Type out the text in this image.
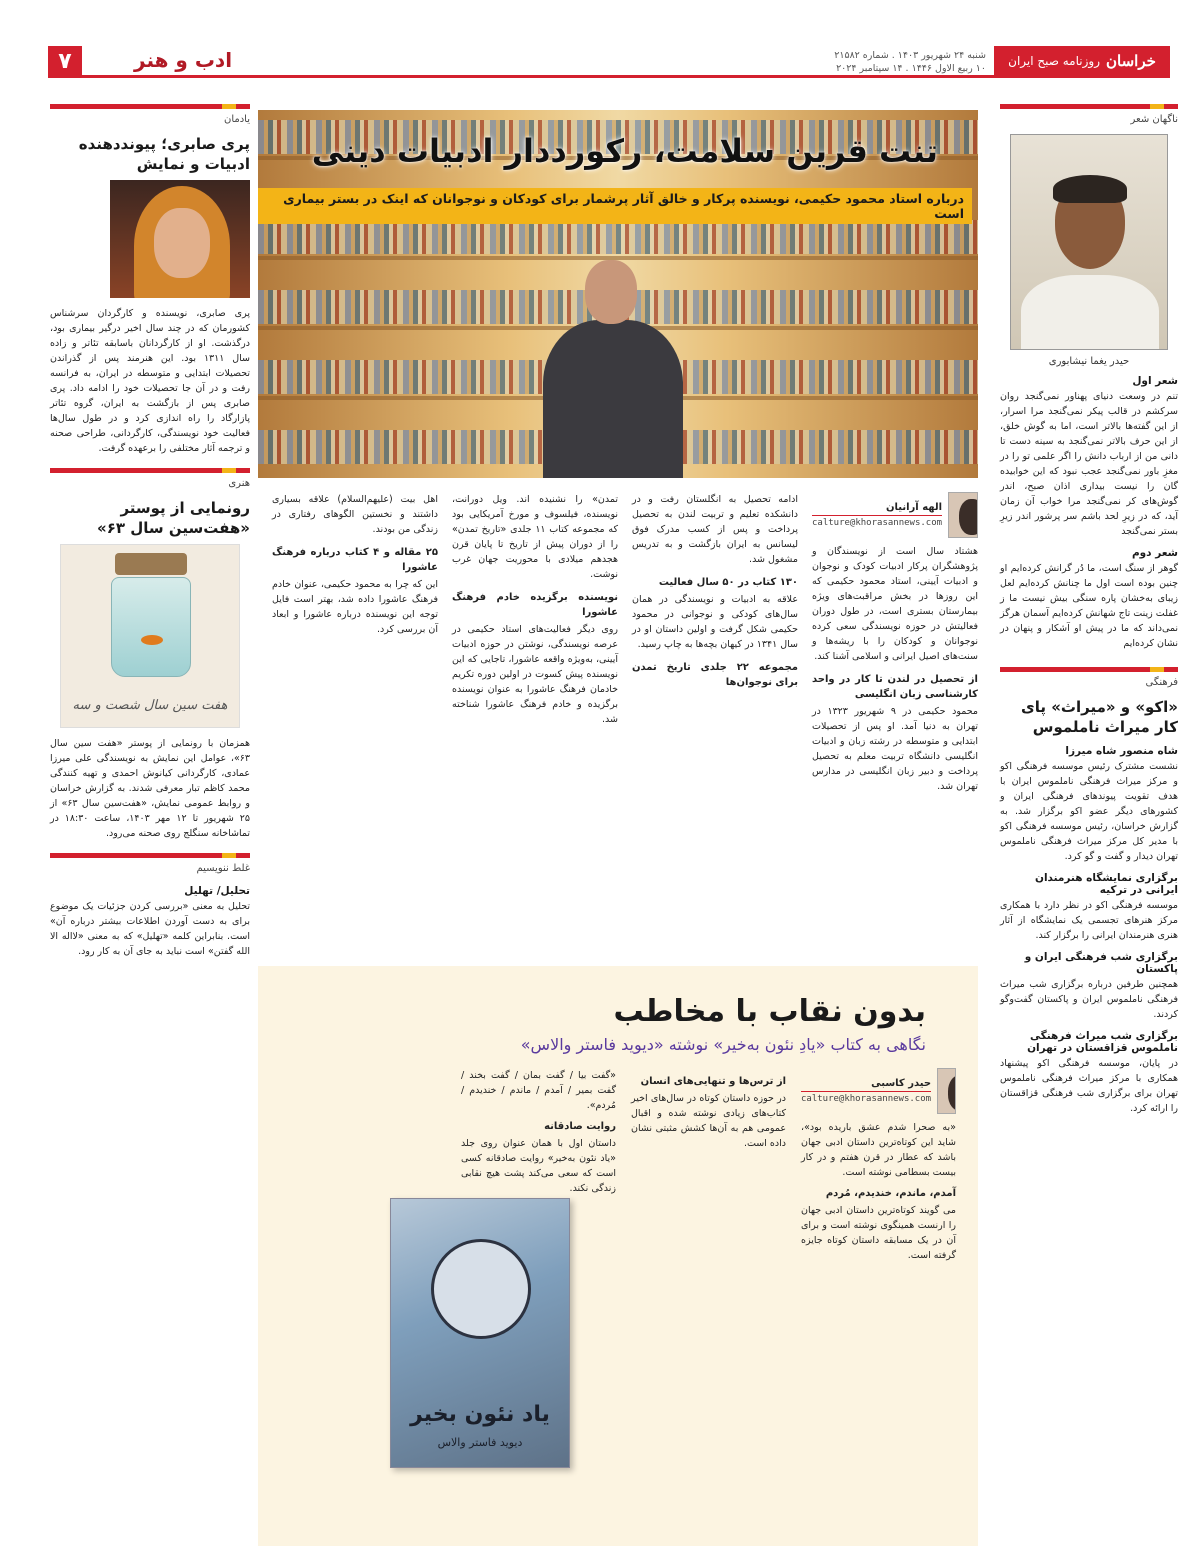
خراسان
روزنامه صبح ایران
شنبه ۲۴ شهریور ۱۴۰۳ . شماره ۲۱۵۸۲
۱۰ ربیع الاول ۱۴۴۶ . ۱۴ سپتامبر ۲۰۲۴
ادب و هنر
۷
ناگهان شعر
حیدر یغما نیشابوری
شعر اول
تنم در وسعت دنیای پهناور نمی‌گنجد روان سرکشم در قالب پیکر نمی‌گنجد مرا اسرار، از این گفته‌ها بالاتر است، اما به گوش خلق، از این حرف بالاتر نمی‌گنجد به سینه دست تا دانی من از ارباب دانش را اگر علمی تو را در مغزِ باور نمی‌گنجد عجب نبود که این خوابیده گان را نیست بیداری اذان صبح، اندر گوش‌های کر نمی‌گنجد مرا خواب آن زمان آید، که در زیرِ لحد باشم سر پرشور اندر زیرِ بستر نمی‌گنجد
شعر دوم
گوهر از سنگ است، ما دُر گرانش کرده‌ایم او چنین بوده است اول ما چنانش کرده‌ایم لعل زیبای به‌خشان پاره سنگی بیش نیست ما ز غفلت زینت تاج شهانش کرده‌ایم آسمان هرگز نمی‌داند که ما در پیش او آشکار و پنهان در نشان کرده‌ایم
فرهنگی
«اکو» و «میراث» پای کار میراث ناملموس
شاه منصور شاه میرزا
نشست مشترک رئیس موسسه فرهنگی اکو و مرکز میراث فرهنگی ناملموس ایران با هدف تقویت پیوندهای فرهنگی ایران و کشورهای دیگر عضو اکو برگزار شد. به گزارش خراسان، رئیس موسسه فرهنگی اکو با مدیر کل مرکز میراث فرهنگی ناملموس تهران دیدار و گفت و گو کرد.
برگزاری نمایشگاه هنرمندان ایرانی در ترکیه
موسسه فرهنگی اکو در نظر دارد با همکاری مرکز هنرهای تجسمی یک نمایشگاه از آثار هنری هنرمندان ایرانی را برگزار کند.
برگزاری شب فرهنگی ایران و پاکستان
همچنین طرفین درباره برگزاری شب میراث فرهنگی ناملموس ایران و پاکستان گفت‌وگو کردند.
برگزاری شب میراث فرهنگی ناملموس قزاقستان در تهران
در پایان، موسسه فرهنگی اکو پیشنهاد همکاری با مرکز میراث فرهنگی ناملموس تهران برای برگزاری شب فرهنگی قزاقستان را ارائه کرد.
یادمان
پری صابری؛ پیونددهنده ادبیات و نمایش
پری صابری، نویسنده و کارگردان سرشناس کشورمان که در چند سال اخیر درگیر بیماری بود، درگذشت. او از کارگردانان باسابقه تئاتر و زاده سال ۱۳۱۱ بود. این هنرمند پس از گذراندن تحصیلات ابتدایی و متوسطه در ایران، به فرانسه رفت و در آن جا تحصیلات خود را ادامه داد. پری صابری پس از بازگشت به ایران، گروه تئاتر پازارگاد را راه اندازی کرد و در طول سال‌ها فعالیت خود نویسندگی، کارگردانی، طراحی صحنه و ترجمه آثار مختلفی را برعهده گرفت.
هنری
رونمایی از پوستر «هفت‌سین سال ۶۳»
هفت سین سال شصت و سه
همزمان با رونمایی از پوستر «هفت سین سال ۶۳»، عوامل این نمایش به نویسندگی علی میرزا عمادی، کارگردانی کیانوش احمدی و تهیه کنندگی محمد کاظم تبار معرفی شدند. به گزارش خراسان و روابط عمومی نمایش، «هفت‌سین سال ۶۳» از ۲۵ شهریور تا ۱۲ مهر ۱۴۰۳، ساعت ۱۸:۳۰ در تماشاخانه سنگلج روی صحنه می‌رود.
غلط ننویسیم
تحلیل/ تهلیل
تحلیل به معنی «بررسی کردن جزئیات یک موضوع برای به دست آوردن اطلاعات بیشتر درباره آن» است. بنابراین کلمه «تهلیل» که به معنی «لااله الا الله گفتن» است نباید به جای آن به کار رود.
تنت قرین سلامت، رکورددار ادبیات دینی
درباره استاد محمود حکیمی، نویسنده پرکار و خالق آثار پرشمار برای کودکان و نوجوانان که اینک در بستر بیماری است
الهه آرانیان
calture@khorasannews.com
هشتاد سال است از نویسندگان و پژوهشگران پرکار ادبیات کودک و نوجوان و ادبیات آیینی، استاد محمود حکیمی که این روزها در بخش مراقبت‌های ویژه بیمارستان بستری است، در طول دوران فعالیتش در حوزه نویسندگی سعی کرده نوجوانان و کودکان را با ریشه‌ها و سنت‌های اصیل ایرانی و اسلامی آشنا کند.
از تحصیل در لندن تا کار در واحد کارشناسی زبان انگلیسی
محمود حکیمی در ۹ شهریور ۱۳۲۳ در تهران به دنیا آمد. او پس از تحصیلات ابتدایی و متوسطه در رشته زبان و ادبیات انگلیسی دانشگاه تربیت معلم به تحصیل پرداخت و دبیر زبان انگلیسی در مدارس تهران شد.
ادامه تحصیل به انگلستان رفت و در دانشکده تعلیم و تربیت لندن به تحصیل پرداخت و پس از کسب مدرک فوق لیسانس به ایران بازگشت و به تدریس مشغول شد.
۱۳۰ کتاب در ۵۰ سال فعالیت
علاقه به ادبیات و نویسندگی در همان سال‌های کودکی و نوجوانی در محمود حکیمی شکل گرفت و اولین داستان او در سال ۱۳۴۱ در کیهان بچه‌ها به چاپ رسید.
مجموعه ۲۲ جلدی تاریخ تمدن برای نوجوان‌ها
تمدن» را نشنیده اند. ویل دورانت، نویسنده، فیلسوف و مورخ آمریکایی بود که مجموعه کتاب ۱۱ جلدی «تاریخ تمدن» را از دوران پیش از تاریخ تا پایان قرن هجدهم میلادی با محوریت جهان غرب نوشت.
نویسنده برگزیده خادم فرهنگ عاشورا
روی دیگر فعالیت‌های استاد حکیمی در عرصه نویسندگی، نوشتن در حوزه ادبیات آیینی، به‌ویژه واقعه عاشورا، تاجایی که این نویسنده پیش کسوت در اولین دوره تکریم خادمان فرهنگ عاشورا به عنوان نویسنده برگزیده و خادم فرهنگ عاشورا شناخته شد.
اهل بیت (علیهم‌السلام) علاقه بسیاری داشتند و نخستین الگوهای رفتاری در زندگی من بودند.
۲۵ مقاله و ۴ کتاب درباره فرهنگ عاشورا
این که چرا به محمود حکیمی، عنوان خادم فرهنگ عاشورا داده شد، بهتر است فایل توجه این نویسنده درباره عاشورا و ابعاد آن بررسی کرد.
بدون نقاب با مخاطب
نگاهی به کتاب «یادِ نئون به‌خیر» نوشته «دیوید فاستر والاس»
حیدر کاسبی
calture@khorasannews.com
«به صحرا شدم عشق باریده بود»، شاید این کوتاه‌ترین داستان ادبی جهان باشد که عطار در قرن هفتم و در کار بیست بسطامی نوشته است.
آمدم، ماندم، خندیدم، مُردم
می گویند کوتاه‌ترین داستان ادبی جهان را ارنست همینگوی نوشته است و برای آن در یک مسابقه داستان کوتاه جایزه گرفته است.
از ترس‌ها و تنهایی‌های انسان
در حوزه داستان کوتاه در سال‌های اخیر کتاب‌های زیادی نوشته شده و اقبال عمومی هم به آن‌ها کشش مثبتی نشان داده است.
«گفت بیا / گفت بمان / گفت بخند / گفت بمیر / آمدم / ماندم / خندیدم / مُردم».
روایت صادقانه
داستان اول با همان عنوان روی جلد «یاد نئون به‌خیر» روایت صادقانه کسی است که سعی می‌کند پشت هیچ نقابی زندگی نکند.
یاد نئون بخیر
دیوید فاستر والاس
